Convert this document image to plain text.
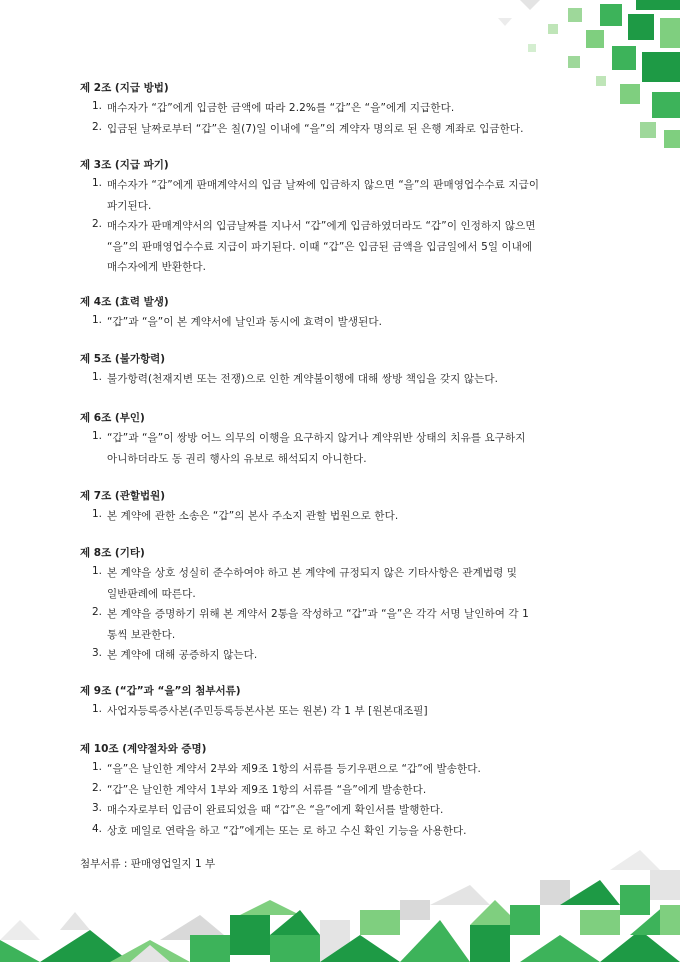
제 2조 (지급 방법)
1. 매수자가 “갑”에게 입금한 금액에 따라 2.2%를 “갑”은 “을”에게 지급한다.
2. 입금된 날짜로부터 “갑”은 칠(7)일 이내에 “을”의 계약자 명의로 된 은행 계좌로 입금한다.
제 3조 (지급 파기)
1. 매수자가 “갑”에게 판매계약서의 입금 날짜에 입금하지 않으면 “을”의 판매영업수수료 지급이
파기된다.
2. 매수자가 판매계약서의 입금날짜를 지나서 “갑”에게 입금하였더라도 “갑”이 인정하지 않으면
“을”의 판매영업수수료 지급이 파기된다. 이때 “갑”은 입금된 금액을 입금일에서 5일 이내에
매수자에게 반환한다.
제 4조 (효력 발생)
1. “갑”과 “을”이 본 계약서에 날인과 동시에 효력이 발생된다.
제 5조 (불가항력)
1. 불가항력(천재지변 또는 전쟁)으로 인한 계약불이행에 대해 쌍방 책임을 갖지 않는다.
제 6조 (부인)
1. “갑”과 “을”이 쌍방 어느 의무의 이행을 요구하지 않거나 계약위반 상태의 치유를 요구하지
아니하더라도 동 권리 행사의 유보로 해석되지 아니한다.
제 7조 (관할법원)
1. 본 계약에 관한 소송은 “갑”의 본사 주소지 관할 법원으로 한다.
제 8조 (기타)
1. 본 계약을 상호 성실히 준수하여야 하고 본 계약에 규정되지 않은 기타사항은 관계법령 및
일반판례에 따른다.
2. 본 계약을 증명하기 위해 본 계약서 2통을 작성하고 “갑”과 “을”은 각각 서명 날인하여 각 1
통씩 보관한다.
3. 본 계약에 대해 공증하지 않는다.
제 9조 (“갑”과 “을”의 첨부서류)
1. 사업자등록증사본(주민등록등본사본 또는 원본) 각 1 부 [원본대조필]
제 10조 (계약절차와 증명)
1. “을”은 날인한 계약서 2부와 제9조 1항의 서류를 등기우편으로 “갑”에 발송한다.
2. “갑”은 날인한 계약서 1부와 제9조 1항의 서류를 “을”에게 발송한다.
3. 매수자로부터 입금이 완료되었을 때 “갑”은 “을”에게 확인서를 발행한다.
4. 상호 메일로 연락을 하고 “갑”에게는 또는 로 하고 수신 확인 기능을 사용한다.
첨부서류 : 판매영업일지 1 부
